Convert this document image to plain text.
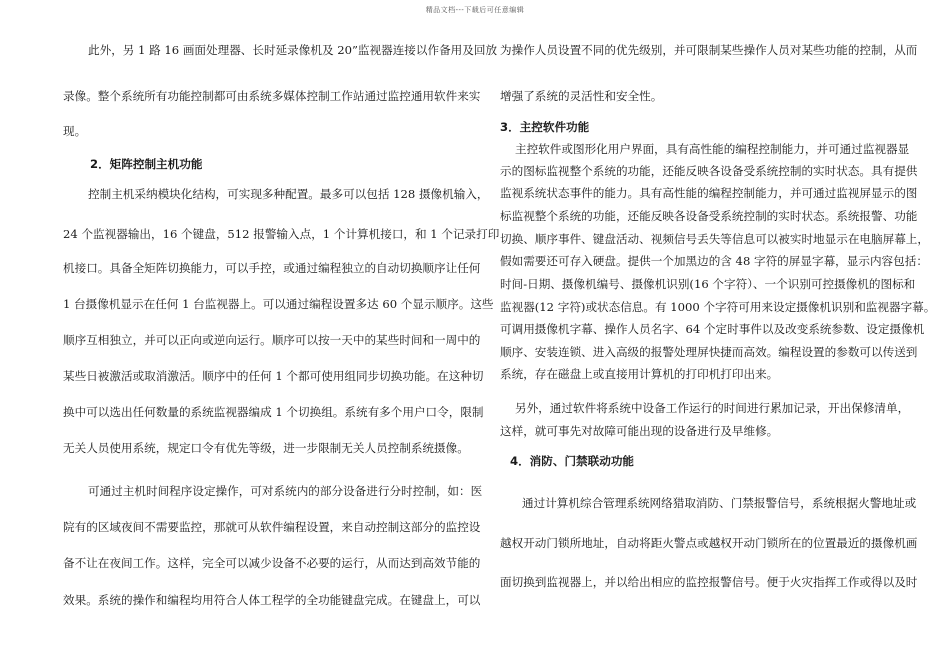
精品文档---下载后可任意编辑
此外，另 1 路 16 画面处理器、长时延录像机及 20”监视器连接以作备用及回放
录像。整个系统所有功能控制都可由系统多媒体控制工作站通过监控通用软件来实
现。
2．矩阵控制主机功能
控制主机采纳模块化结构，可实现多种配置。最多可以包括 128 摄像机输入，
24 个监视器输出，16 个键盘，512 报警输入点，1 个计算机接口，和 1 个记录打印
机接口。具备全矩阵切换能力，可以手控，或通过编程独立的自动切换顺序让任何
1 台摄像机显示在任何 1 台监视器上。可以通过编程设置多达 60 个显示顺序。这些
顺序互相独立，并可以正向或逆向运行。顺序可以按一天中的某些时间和一周中的
某些日被激活或取消激活。顺序中的任何 1 个都可使用组同步切换功能。在这种切
换中可以选出任何数量的系统监视器编成 1 个切换组。系统有多个用户口令，限制
无关人员使用系统，规定口令有优先等级，进一步限制无关人员控制系统摄像。
可通过主机时间程序设定操作，可对系统内的部分设备进行分时控制，如：医
院有的区域夜间不需要监控，那就可从软件编程设置，来自动控制这部分的监控设
备不让在夜间工作。这样，完全可以减少设备不必要的运行，从而达到高效节能的
效果。系统的操作和编程均用符合人体工程学的全功能键盘完成。在键盘上，可以
为操作人员设置不同的优先级别，并可限制某些操作人员对某些功能的控制，从而
增强了系统的灵活性和安全性。
3．主控软件功能
主控软件或图形化用户界面，具有高性能的编程控制能力，并可通过监视器显
示的图标监视整个系统的功能，还能反映各设备受系统控制的实时状态。具有提供
监视系统状态事件的能力。具有高性能的编程控制能力，并可通过监视屏显示的图
标监视整个系统的功能，还能反映各设备受系统控制的实时状态。系统报警、功能
切换、顺序事件、键盘活动、视频信号丢失等信息可以被实时地显示在电脑屏幕上，
假如需要还可存入硬盘。提供一个加黑边的含 48 字符的屏显字幕，显示内容包括：
时间-日期、摄像机编号、摄像机识别(16 个字符）、一个识别可控摄像机的图标和
监视器(12 字符)或状态信息。有 1000 个字符可用来设定摄像机识别和监视器字幕。
可调用摄像机字幕、操作人员名字、64 个定时事件以及改变系统参数、设定摄像机
顺序、安装连锁、进入高级的报警处理屏快捷而高效。编程设置的参数可以传送到
系统，存在磁盘上或直接用计算机的打印机打印出来。
另外，通过软件将系统中设备工作运行的时间进行累加记录，开出保修清单，
这样，就可事先对故障可能出现的设备进行及早维修。
4．消防、门禁联动功能
通过计算机综合管理系统网络猎取消防、门禁报警信号，系统根据火警地址或
越权开动门锁所地址，自动将距火警点或越权开动门锁所在的位置最近的摄像机画
面切换到监视器上，并以给出相应的监控报警信号。便于火灾指挥工作或得以及时
